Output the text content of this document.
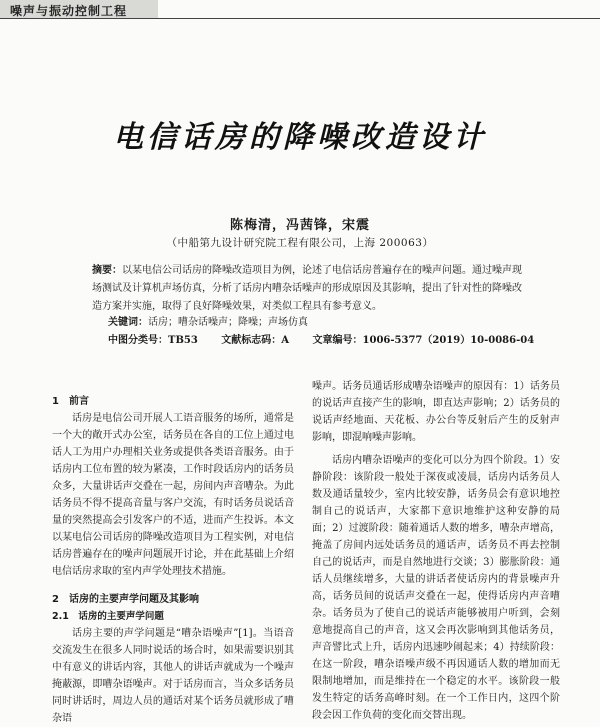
噪声与振动控制工程
电信话房的降噪改造设计
陈梅清，冯茜锋，宋震
（中船第九设计研究院工程有限公司，上海 200063）
摘要：以某电信公司话房的降噪改造项目为例，论述了电信话房普遍存在的噪声问题。通过噪声现场测试及计算机声场仿真，分析了话房内嘈杂话噪声的形成原因及其影响，提出了针对性的降噪改造方案并实施，取得了良好降噪效果，对类似工程具有参考意义。
关键词：话房；嘈杂话噪声；降噪；声场仿真
中图分类号：TB53 文献标志码：A 文章编号：1006-5377（2019）10-0086-04
1　前言

话房是电信公司开展人工语音服务的场所，通常是一个大的敞开式办公室，话务员在各自的工位上通过电话人工为用户办理相关业务或提供各类语音服务。由于话房内工位布置的较为紧凑，工作时段话房内的话务员众多，大量讲话声交叠在一起，房间内声音嘈杂。为此话务员不得不提高音量与客户交流，有时话务员说话音量的突然提高会引发客户的不适，进而产生投诉。本文以某电信公司话房的降噪改造项目为工程实例，对电信话房普遍存在的噪声问题展开讨论，并在此基础上介绍电信话房求取的室内声学处理技术措施。

2　话房的主要声学问题及其影响
2.1　话房的主要声学问题

话房主要的声学问题是“嘈杂语噪声”[1]。当语音交流发生在很多人同时说话的场合时，如果需要识别其中有意义的讲话内容，其他人的讲话声就成为一个噪声掩蔽源，即嘈杂语噪声。对于话房而言，当众多话务员同时讲话时，周边人员的通话对某个话务员就形成了嘈杂语

噪声。话务员通话形成嘈杂语噪声的原因有：1）话务员的说话声直接产生的影响，即直达声影响；2）话务员的说话声经地面、天花板、办公台等反射后产生的反射声影响，即混响噪声影响。

话房内嘈杂语噪声的变化可以分为四个阶段。1）安静阶段：该阶段一般处于深夜或凌晨，话房内话务员人数及通话量较少，室内比较安静，话务员会有意识地控制自己的说话声，大家都下意识地维护这种安静的局面；2）过渡阶段：随着通话人数的增多，嘈杂声增高，掩盖了房间内远处话务员的通话声，话务员不再去控制自己的说话声，而是自然地进行交谈；3）膨胀阶段：通话人员继续增多，大量的讲话者使话房内的背景噪声升高，话务员间的说话声交叠在一起，使得话房内声音嘈杂。话务员为了使自己的说话声能够被用户听到，会刻意地提高自己的声音，这又会再次影响到其他话务员，声音譬比式上升，话房内迅速吵闹起来；4）持续阶段：在这一阶段，嘈杂语噪声级不再因通话人数的增加而无限制地增加，而是维持在一个稳定的水平。该阶段一般发生特定的话务高峰时刻。在一个工作日内，这四个阶段会因工作负荷的变化而交替出现。
